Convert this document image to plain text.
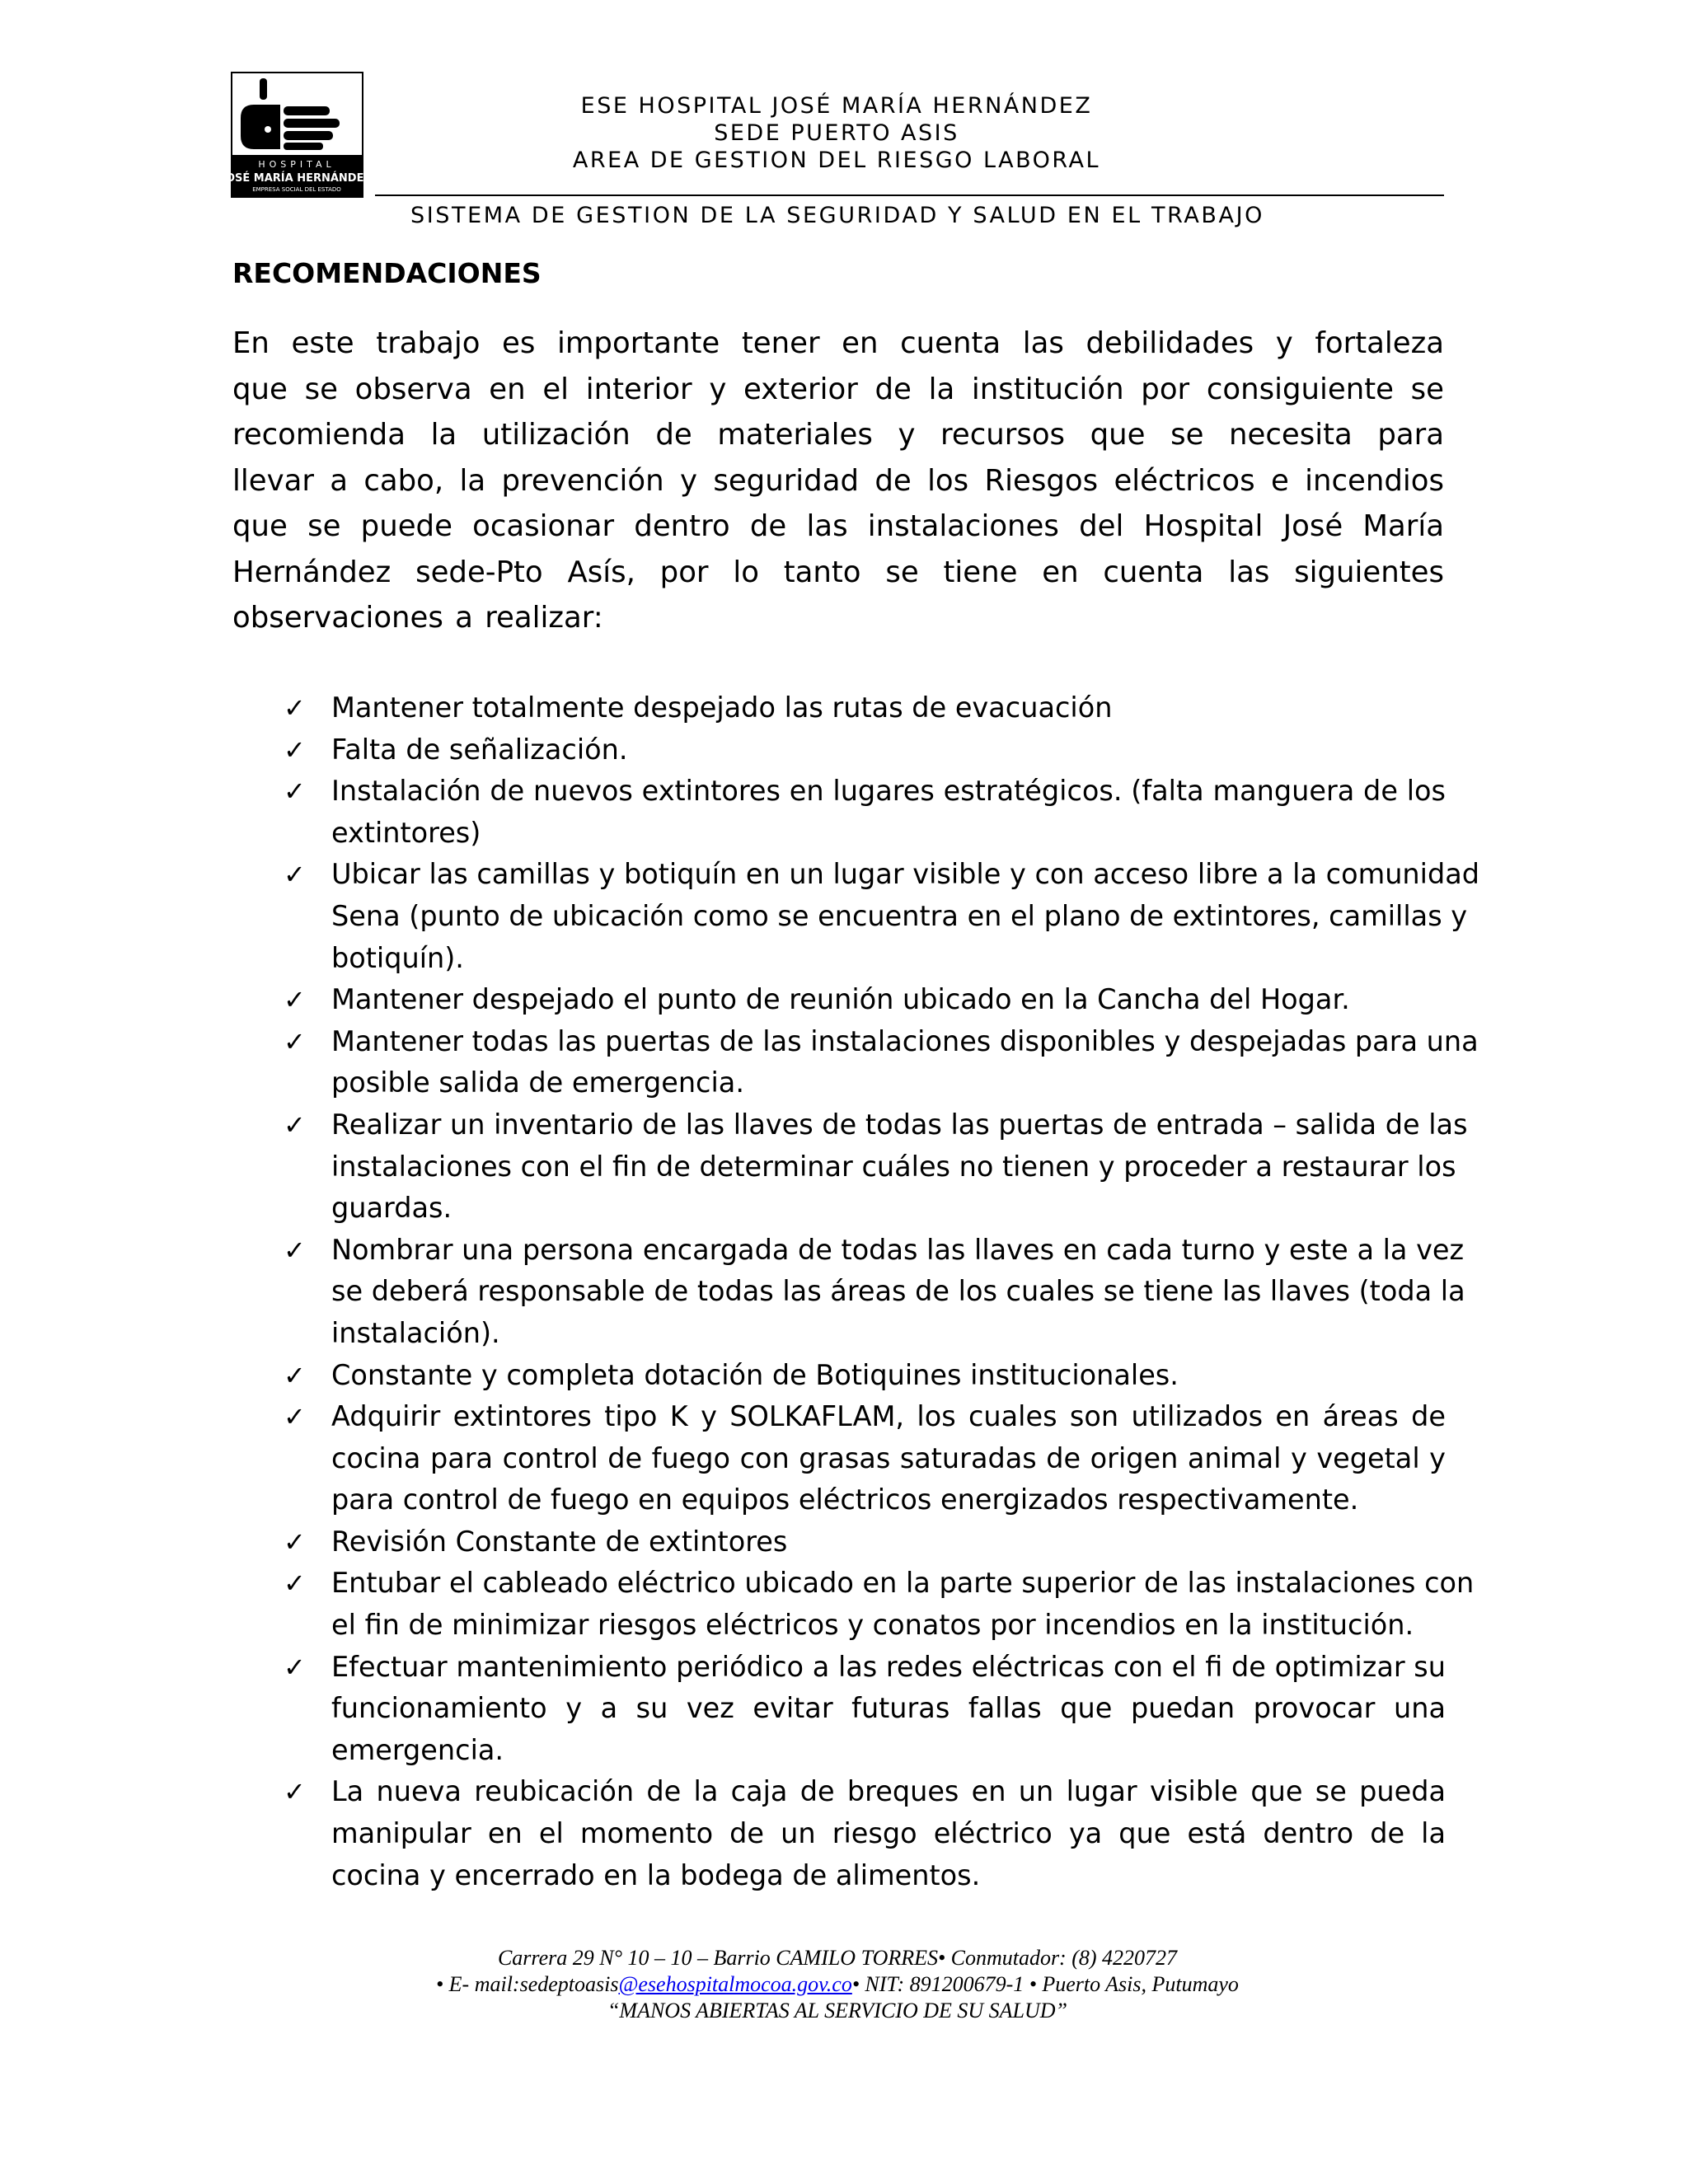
HOSPITAL
JOSÉ MARÍA HERNÁNDEZ
EMPRESA SOCIAL DEL ESTADO
ESE HOSPITAL JOSÉ MARÍA HERNÁNDEZ
SEDE PUERTO ASIS
AREA DE GESTION DEL RIESGO LABORAL
SISTEMA DE GESTION DE LA SEGURIDAD Y SALUD EN EL TRABAJO
RECOMENDACIONES
En este trabajo es importante tener en cuenta las debilidades y fortaleza
que se observa en el interior y exterior de la institución por consiguiente se
recomienda la utilización de materiales y recursos que se necesita para
llevar a cabo, la prevención y seguridad de los Riesgos eléctricos e incendios
que se puede ocasionar dentro de las instalaciones del Hospital José María
Hernández sede-Pto Asís, por lo tanto se tiene en cuenta las siguientes
observaciones a realizar:
✓ Mantener totalmente despejado las rutas de evacuación
✓ Falta de señalización.
✓ Instalación de nuevos extintores en lugares estratégicos. (falta manguera de los
extintores)
✓ Ubicar las camillas y botiquín en un lugar visible y con acceso libre a la comunidad
Sena (punto de ubicación como se encuentra en el plano de extintores, camillas y
botiquín).
✓ Mantener despejado el punto de reunión ubicado en la Cancha del Hogar.
✓ Mantener todas las puertas de las instalaciones disponibles y despejadas para una
posible salida de emergencia.
✓ Realizar un inventario de las llaves de todas las puertas de entrada – salida de las
instalaciones con el fin de determinar cuáles no tienen y proceder a restaurar los
guardas.
✓ Nombrar una persona encargada de todas las llaves en cada turno y este a la vez
se deberá responsable de todas las áreas de los cuales se tiene las llaves (toda la
instalación).
✓ Constante y completa dotación de Botiquines institucionales.
✓ Adquirir extintores tipo K y SOLKAFLAM, los cuales son utilizados en áreas de
cocina para control de fuego con grasas saturadas de origen animal y vegetal y
para control de fuego en equipos eléctricos energizados respectivamente.
✓ Revisión Constante de extintores
✓ Entubar el cableado eléctrico ubicado en la parte superior de las instalaciones con
el fin de minimizar riesgos eléctricos y conatos por incendios en la institución.
✓ Efectuar mantenimiento periódico a las redes eléctricas con el fi de optimizar su
funcionamiento y a su vez evitar futuras fallas que puedan provocar una
emergencia.
✓ La nueva reubicación de la caja de breques en un lugar visible que se pueda
manipular en el momento de un riesgo eléctrico ya que está dentro de la
cocina y encerrado en la bodega de alimentos.
Carrera 29 N° 10 – 10 – Barrio CAMILO TORRES• Conmutador: (8) 4220727
• E- mail:sedeptoasis@esehospitalmocoa.gov.co• NIT: 891200679-1 • Puerto Asis, Putumayo
“MANOS ABIERTAS AL SERVICIO DE SU SALUD”
